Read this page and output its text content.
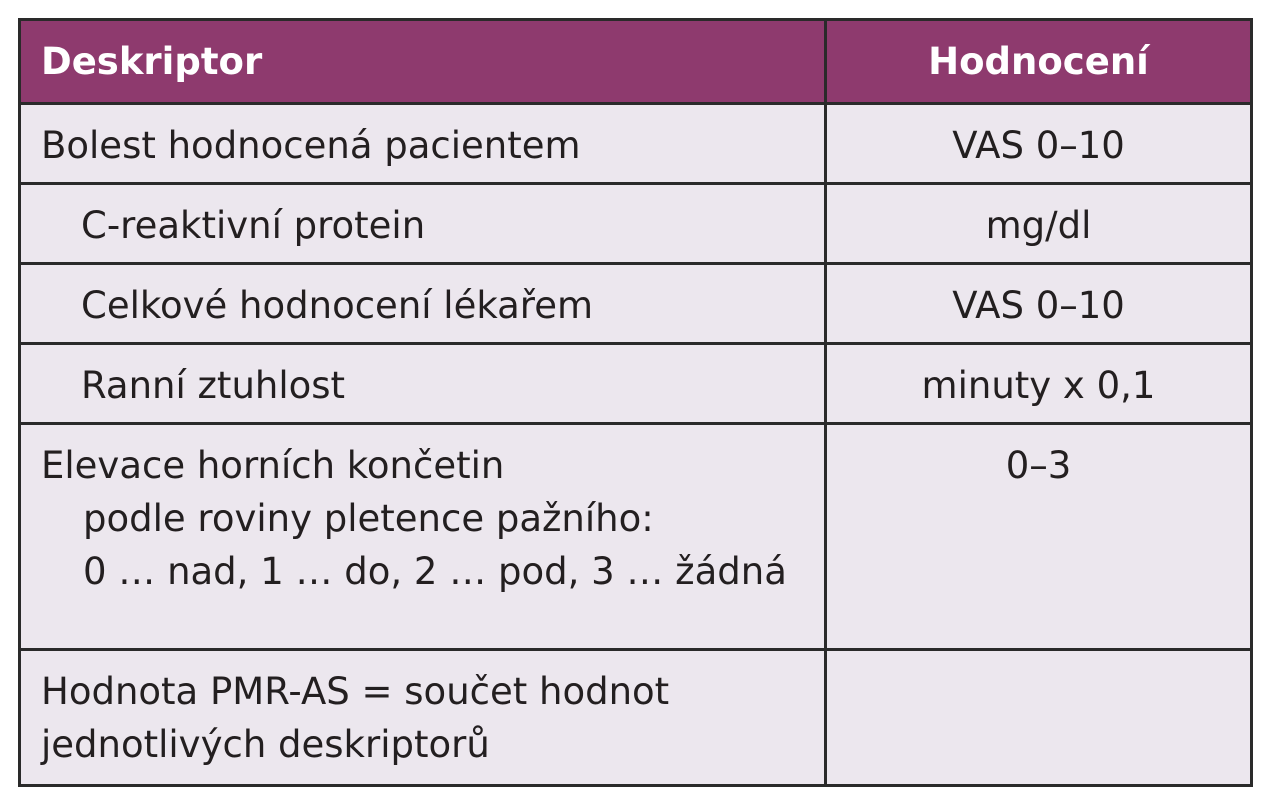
Deskriptor	Hodnocení
Bolest hodnocená pacientem	VAS 0–10
C-reaktivní protein	mg/dl
Celkové hodnocení lékařem	VAS 0–10
Ranní ztuhlost	minuty x 0,1

Elevace horních končetin
podle roviny pletence pažního:
0 … nad, 1 … do, 2 … pod, 3 … žádná	0–3

Hodnota PMR-AS = součet hodnot
jednotlivých deskriptorů	
